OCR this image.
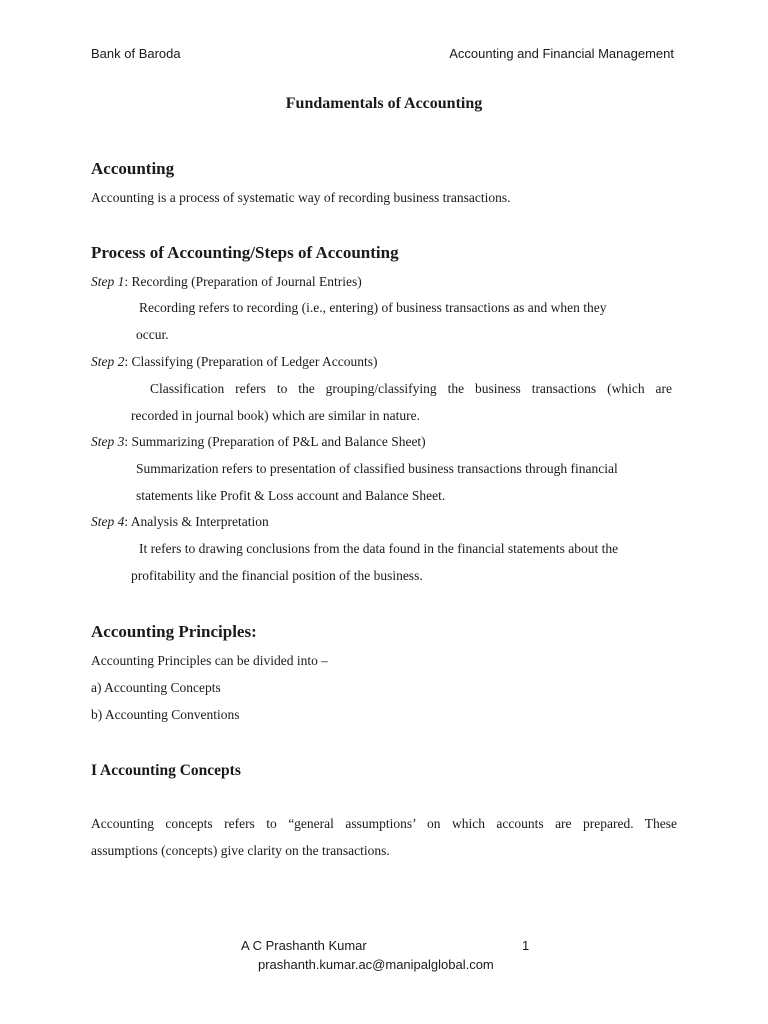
Bank of Baroda	Accounting and Financial Management
Fundamentals of Accounting
Accounting
Accounting is a process of systematic way of recording business transactions.
Process of Accounting/Steps of Accounting
Step 1: Recording (Preparation of Journal Entries)
Recording refers to recording (i.e., entering) of business transactions as and when they
occur.
Step 2: Classifying (Preparation of Ledger Accounts)
Classification refers to the grouping/classifying the business transactions (which are
recorded in journal book) which are similar in nature.
Step 3: Summarizing (Preparation of P&L and Balance Sheet)
Summarization refers to presentation of classified business transactions through financial
statements like Profit & Loss account and Balance Sheet.
Step 4: Analysis & Interpretation
It refers to drawing conclusions from the data found in the financial statements about the
profitability and the financial position of the business.
Accounting Principles:
Accounting Principles can be divided into –
a) Accounting Concepts
b) Accounting Conventions
I Accounting Concepts
Accounting concepts refers to “general assumptions’ on which accounts are prepared. These
assumptions (concepts) give clarity on the transactions.
A C Prashanth Kumar	1
prashanth.kumar.ac@manipalglobal.com
